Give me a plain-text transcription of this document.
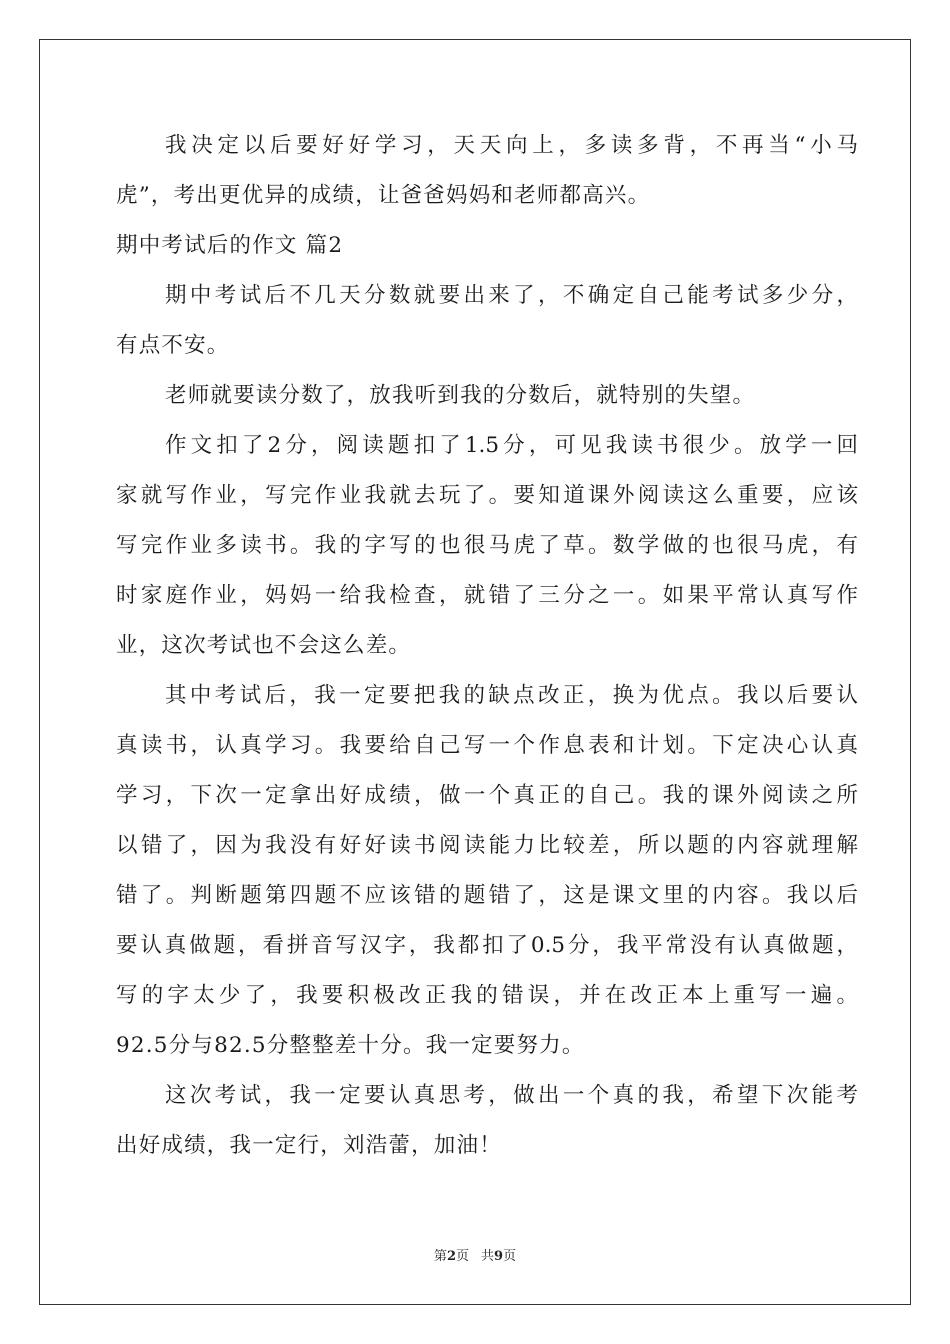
我决定以后要好好学习，天天向上，多读多背，不再当“小马
虎”，考出更优异的成绩，让爸爸妈妈和老师都高兴。
期中考试后的作文 篇2
期中考试后不几天分数就要出来了，不确定自己能考试多少分，
有点不安。
老师就要读分数了，放我听到我的分数后，就特别的失望。
作文扣了2分，阅读题扣了1.5分，可见我读书很少。放学一回
家就写作业，写完作业我就去玩了。要知道课外阅读这么重要，应该
写完作业多读书。我的字写的也很马虎了草。数学做的也很马虎，有
时家庭作业，妈妈一给我检查，就错了三分之一。如果平常认真写作
业，这次考试也不会这么差。
其中考试后，我一定要把我的缺点改正，换为优点。我以后要认
真读书，认真学习。我要给自己写一个作息表和计划。下定决心认真
学习，下次一定拿出好成绩，做一个真正的自己。我的课外阅读之所
以错了，因为我没有好好读书阅读能力比较差，所以题的内容就理解
错了。判断题第四题不应该错的题错了，这是课文里的内容。我以后
要认真做题，看拼音写汉字，我都扣了0.5分，我平常没有认真做题，
写的字太少了，我要积极改正我的错误，并在改正本上重写一遍。
92.5分与82.5分整整差十分。我一定要努力。
这次考试，我一定要认真思考，做出一个真的我，希望下次能考
出好成绩，我一定行，刘浩蕾，加油！
第2页 共9页
